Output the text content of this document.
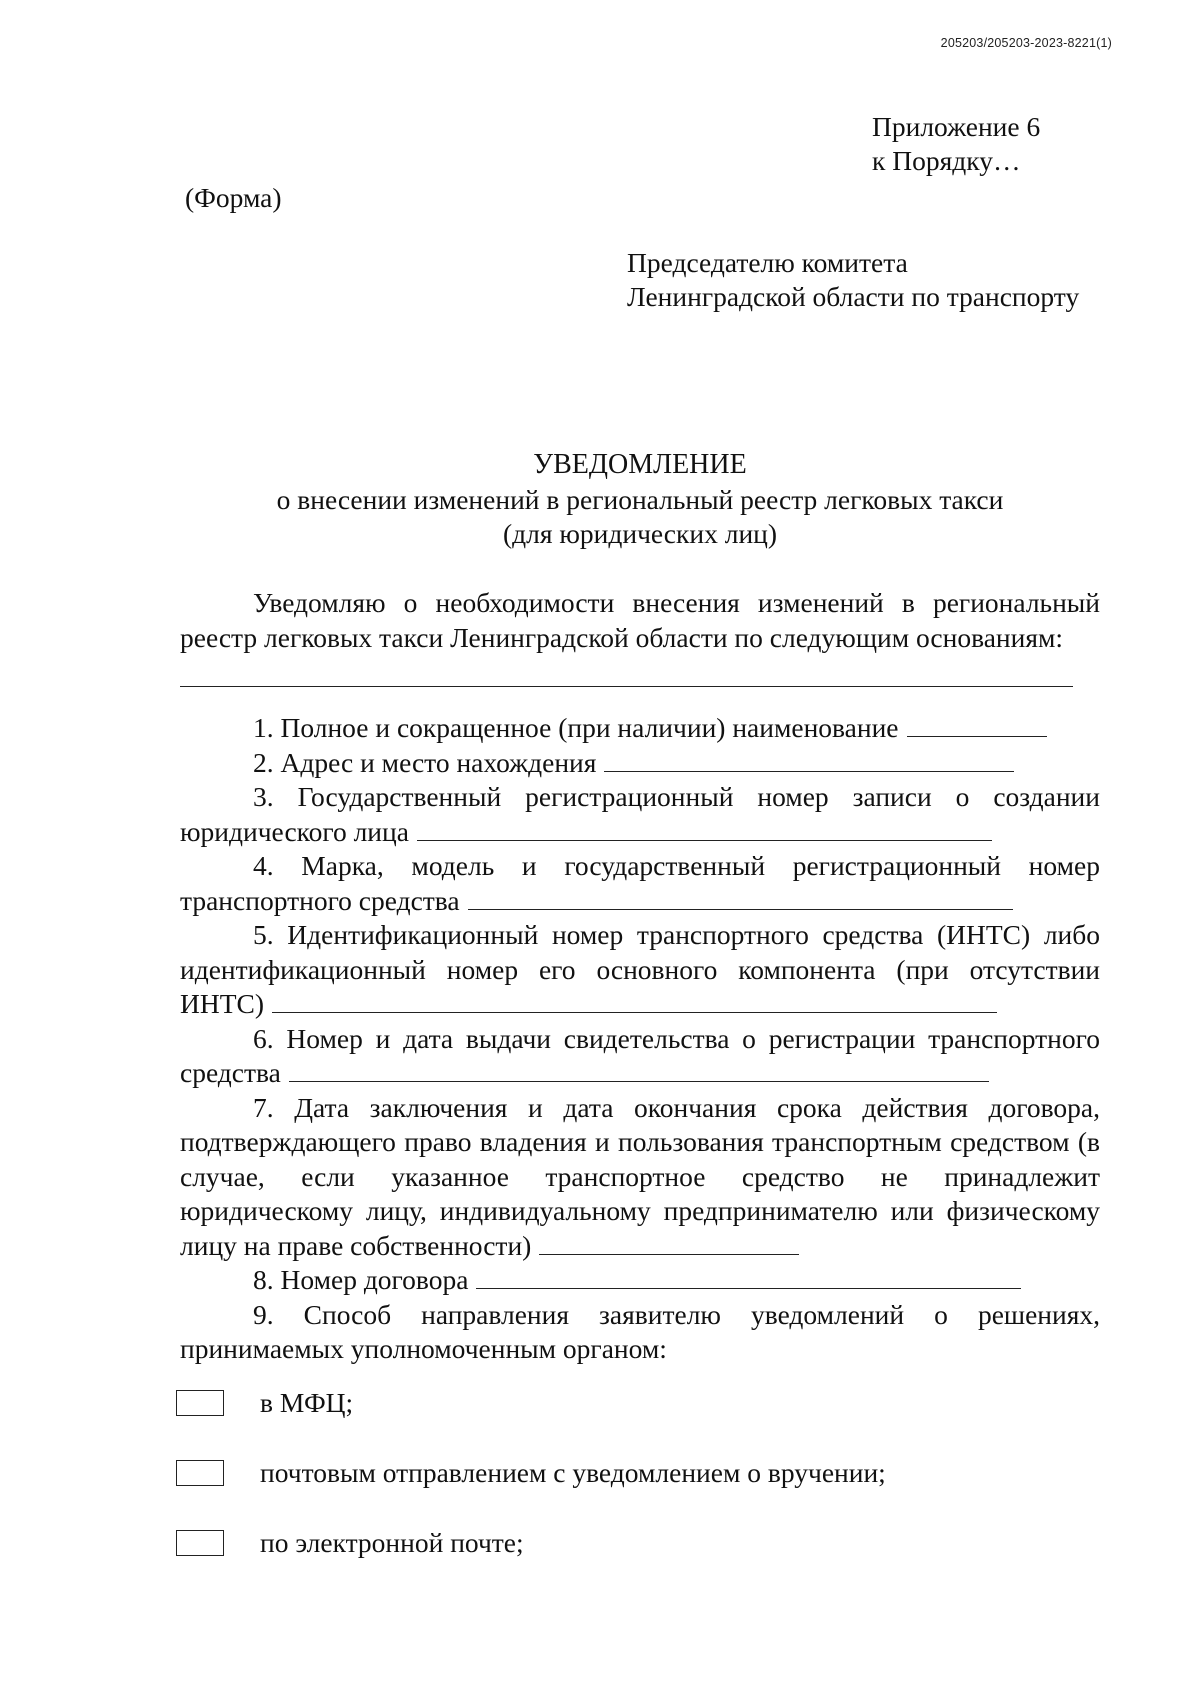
205203/205203-2023-8221(1)
Приложение 6
к Порядку…
(Форма)
Председателю комитета
Ленинградской области по транспорту
УВЕДОМЛЕНИЕ
о внесении изменений в региональный реестр легковых такси
(для юридических лиц)

Уведомляю о необходимости внесения изменений в региональный реестр легковых такси Ленинградской области по следующим основаниям:

1. Полное и сокращенное (при наличии) наименование

2. Адрес и место нахождения

3. Государственный регистрационный номер записи о создании юридического лица

4. Марка, модель и государственный регистрационный номер транспортного средства

5. Идентификационный номер транспортного средства (ИНТС) либо идентификационный номер его основного компонента (при отсутствии ИНТС)

6. Номер и дата выдачи свидетельства о регистрации транспортного средства

7. Дата заключения и дата окончания срока действия договора, подтверждающего право владения и пользования транспортным средством (в случае, если указанное транспортное средство не принадлежит юридическому лицу, индивидуальному предпринимателю или физическому лицу на праве собственности)

8. Номер договора

9. Способ направления заявителю уведомлений о решениях, принимаемых уполномоченным органом:

в МФЦ;
почтовым отправлением с уведомлением о вручении;
по электронной почте;
